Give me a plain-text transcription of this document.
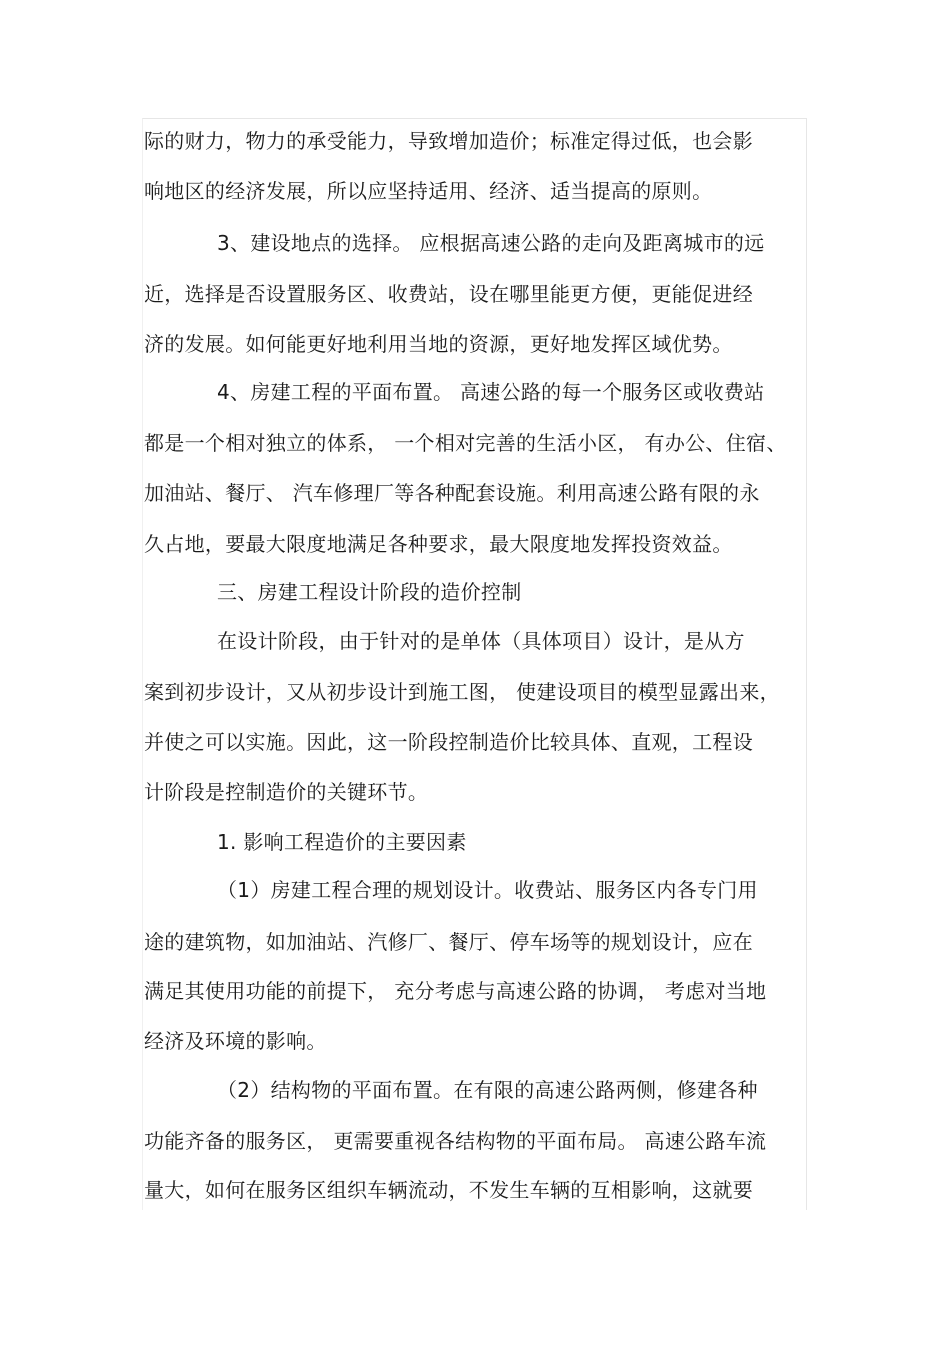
际的财力，物力的承受能力，导致增加造价；标准定得过低，也会影
响地区的经济发展，所以应坚持适用、经济、适当提高的原则。
3、建设地点的选择。 应根据高速公路的走向及距离城市的远
近，选择是否设置服务区、收费站，设在哪里能更方便，更能促进经
济的发展。如何能更好地利用当地的资源，更好地发挥区域优势。
4、房建工程的平面布置。 高速公路的每一个服务区或收费站
都是一个相对独立的体系， 一个相对完善的生活小区， 有办公、住宿、
加油站、餐厅、 汽车修理厂等各种配套设施。利用高速公路有限的永
久占地，要最大限度地满足各种要求，最大限度地发挥投资效益。
三、房建工程设计阶段的造价控制
在设计阶段，由于针对的是单体（具体项目）设计，是从方
案到初步设计，又从初步设计到施工图， 使建设项目的模型显露出来，
并使之可以实施。因此，这一阶段控制造价比较具体、直观，工程设
计阶段是控制造价的关键环节。
1. 影响工程造价的主要因素
（1）房建工程合理的规划设计。收费站、服务区内各专门用
途的建筑物，如加油站、汽修厂、餐厅、停车场等的规划设计，应在
满足其使用功能的前提下， 充分考虑与高速公路的协调， 考虑对当地
经济及环境的影响。
（2）结构物的平面布置。在有限的高速公路两侧，修建各种
功能齐备的服务区， 更需要重视各结构物的平面布局。 高速公路车流
量大，如何在服务区组织车辆流动，不发生车辆的互相影响，这就要
